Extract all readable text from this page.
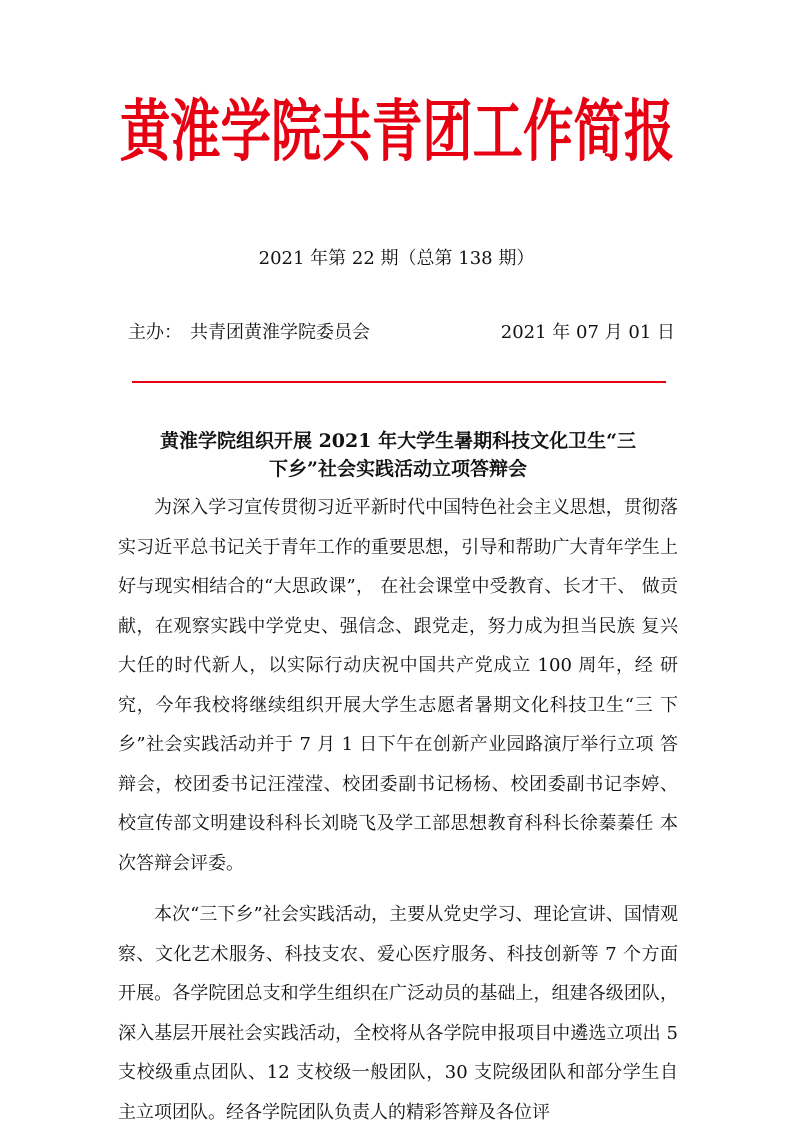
黄淮学院共青团工作简报
2021 年第 22 期（总第 138 期）
主办： 共青团黄淮学院委员会	2021 年 07 月 01 日
黄淮学院组织开展 2021 年大学生暑期科技文化卫生“三
下乡”社会实践活动立项答辩会

为深入学习宣传贯彻习近平新时代中国特色社会主义思想，贯彻落实习近平总书记关于青年工作的重要思想，引导和帮助广大青年学生上好与现实相结合的“大思政课”， 在社会课堂中受教育、长才干、 做贡献，在观察实践中学党史、强信念、跟党走，努力成为担当民族 复兴大任的时代新人，以实际行动庆祝中国共产党成立 100 周年，经 研究，今年我校将继续组织开展大学生志愿者暑期文化科技卫生“三 下乡”社会实践活动并于 7 月 1 日下午在创新产业园路演厅举行立项 答辩会，校团委书记汪滢滢、校团委副书记杨杨、校团委副书记李婷、 校宣传部文明建设科科长刘晓飞及学工部思想教育科科长徐蓁蓁任 本次答辩会评委。

本次“三下乡”社会实践活动，主要从党史学习、理论宣讲、国情观察、文化艺术服务、科技支农、爱心医疗服务、科技创新等 7 个方面开展。各学院团总支和学生组织在广泛动员的基础上，组建各级团队，深入基层开展社会实践活动，全校将从各学院申报项目中遴选立项出 5 支校级重点团队、12 支校级一般团队，30 支院级团队和部分学生自主立项团队。经各学院团队负责人的精彩答辩及各位评
